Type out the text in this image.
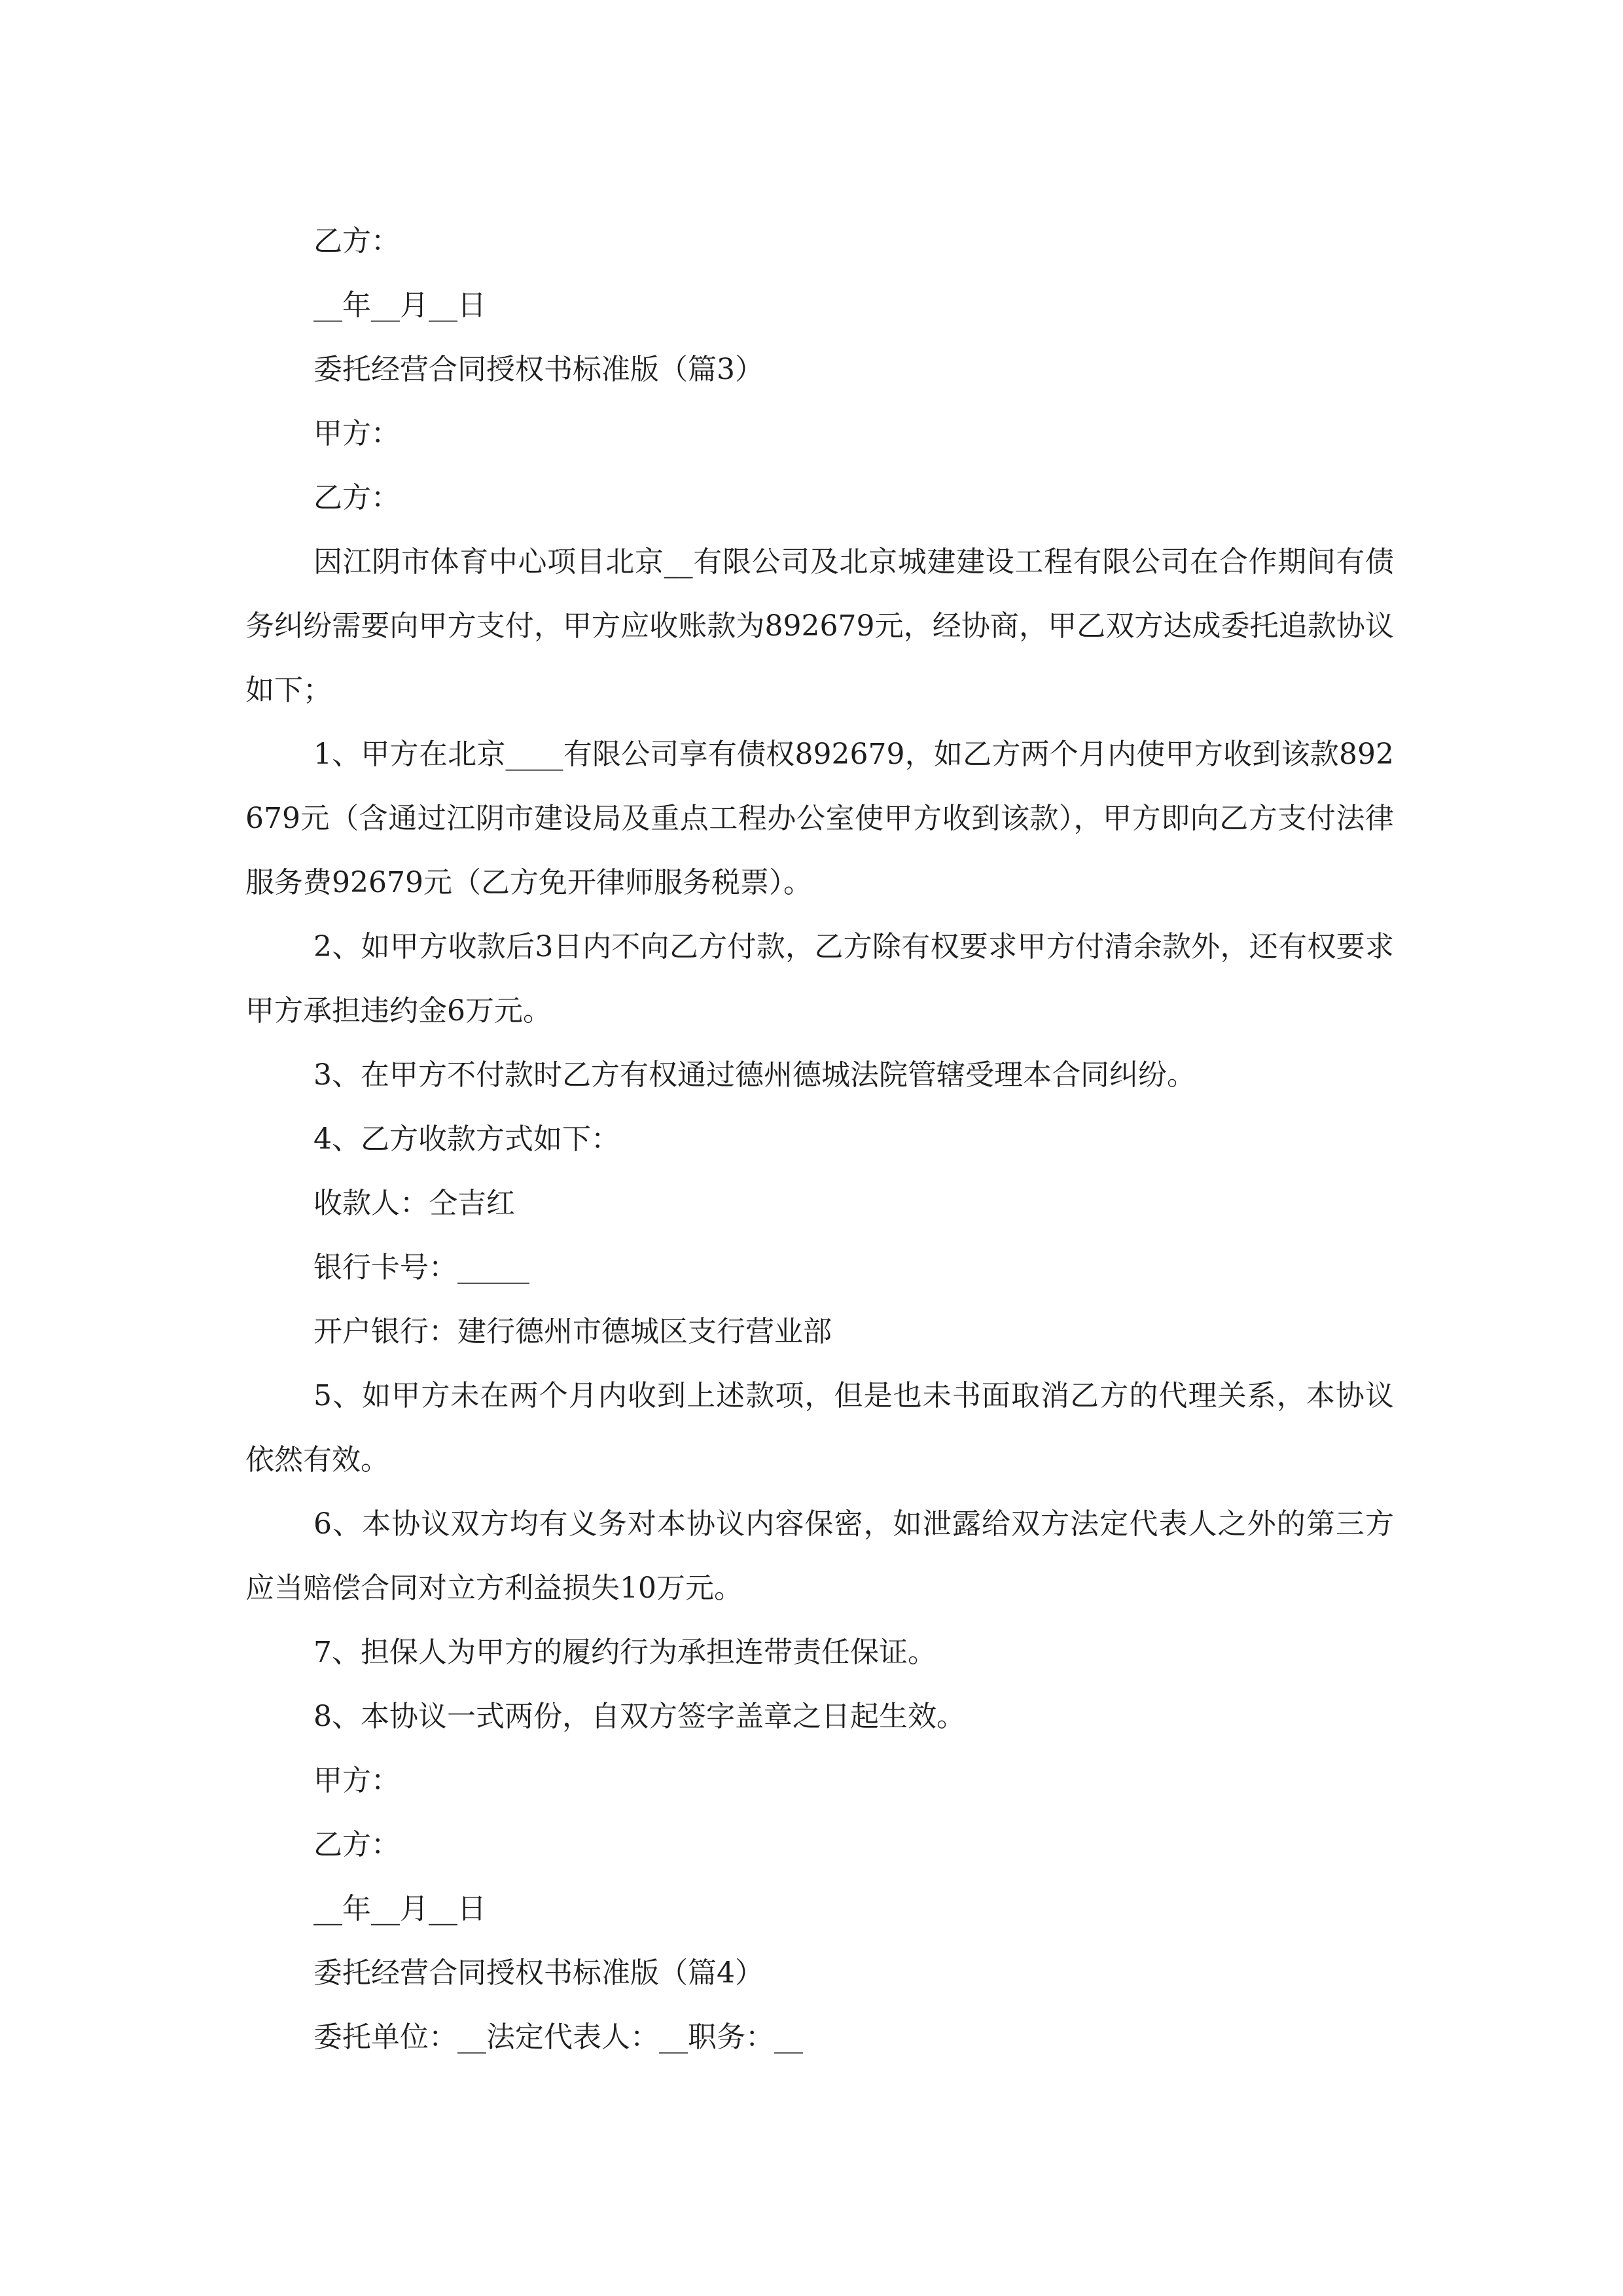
乙方：

__年__月__日

委托经营合同授权书标准版（篇3）

甲方：

乙方：

因江阴市体育中心项目北京__有限公司及北京城建建设工程有限公司在合作期间有债务纠纷需要向甲方支付，甲方应收账款为892679元，经协商，甲乙双方达成委托追款协议如下；

1、甲方在北京____有限公司享有债权892679，如乙方两个月内使甲方收到该款892679元（含通过江阴市建设局及重点工程办公室使甲方收到该款），甲方即向乙方支付法律服务费92679元（乙方免开律师服务税票）。

2、如甲方收款后3日内不向乙方付款，乙方除有权要求甲方付清余款外，还有权要求甲方承担违约金6万元。

3、在甲方不付款时乙方有权通过德州德城法院管辖受理本合同纠纷。

4、乙方收款方式如下：

收款人：仝吉红

银行卡号：_____

开户银行：建行德州市德城区支行营业部

5、如甲方未在两个月内收到上述款项，但是也未书面取消乙方的代理关系，本协议依然有效。

6、本协议双方均有义务对本协议内容保密，如泄露给双方法定代表人之外的第三方应当赔偿合同对立方利益损失10万元。

7、担保人为甲方的履约行为承担连带责任保证。

8、本协议一式两份，自双方签字盖章之日起生效。

甲方：

乙方：

__年__月__日

委托经营合同授权书标准版（篇4）

委托单位：__法定代表人：__职务：__
